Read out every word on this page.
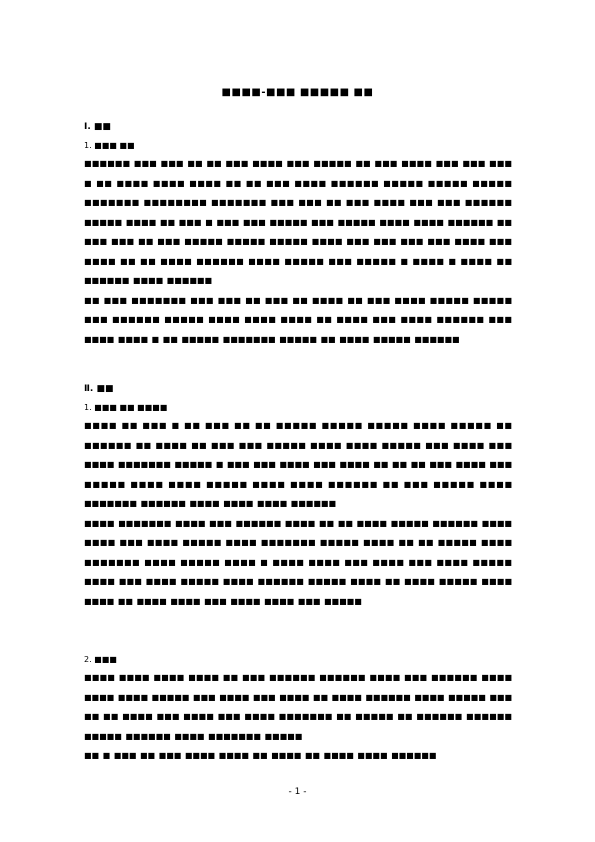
■■■■-■■■ ■■■■■ ■■
Ⅰ. ■■
1. ■■■ ■■

■■■■■■ ■■■ ■■■ ■■ ■■ ■■■ ■■■■ ■■■ ■■■■■ ■■ ■■■ ■■■■ ■■■ ■■■ ■■■ ■ ■■ ■■■■ ■■■■ ■■■■ ■■ ■■ ■■■ ■■■■ ■■■■■■ ■■■■■ ■■■■■ ■■■■■ ■■■■■■■ ■■■■■■■■ ■■■■■■■ ■■■ ■■■ ■■ ■■■ ■■■■ ■■■ ■■■ ■■■■■■ ■■■■■ ■■■■ ■■ ■■■ ■ ■■■ ■■■ ■■■■■ ■■■ ■■■■■ ■■■■ ■■■■ ■■■■■■ ■■ ■■■ ■■■ ■■ ■■■ ■■■■■ ■■■■■ ■■■■■ ■■■■ ■■■ ■■■ ■■■ ■■■ ■■■■ ■■■ ■■■■ ■■ ■■ ■■■■ ■■■■■■ ■■■■ ■■■■■ ■■■ ■■■■■ ■ ■■■■ ■ ■■■■ ■■ ■■■■■■ ■■■■ ■■■■■■

■■ ■■■ ■■■■■■■ ■■■ ■■■ ■■ ■■■ ■■ ■■■■ ■■ ■■■ ■■■■ ■■■■■ ■■■■■ ■■■ ■■■■■■ ■■■■■ ■■■■ ■■■■ ■■■■ ■■ ■■■■ ■■■ ■■■■ ■■■■■■ ■■■ ■■■■ ■■■■ ■ ■■ ■■■■■ ■■■■■■■ ■■■■■ ■■ ■■■■ ■■■■■ ■■■■■■

Ⅱ. ■■
1. ■■■ ■■ ■■■■

■■■■ ■■ ■■■ ■ ■■ ■■■ ■■ ■■ ■■■■■ ■■■■■ ■■■■■ ■■■■ ■■■■■ ■■ ■■■■■■ ■■ ■■■■ ■■ ■■■ ■■■ ■■■■■ ■■■■ ■■■■ ■■■■■ ■■■ ■■■■ ■■■ ■■■■ ■■■■■■■ ■■■■■ ■ ■■■ ■■■ ■■■■ ■■■ ■■■■ ■■ ■■ ■■ ■■■ ■■■■ ■■■ ■■■■■ ■■■■ ■■■■ ■■■■■ ■■■■ ■■■■ ■■■■■■ ■■ ■■■ ■■■■■ ■■■■ ■■■■■■■ ■■■■■■ ■■■■ ■■■■ ■■■■ ■■■■■■

■■■■ ■■■■■■■ ■■■■ ■■■ ■■■■■■ ■■■■ ■■ ■■ ■■■■ ■■■■■ ■■■■■■ ■■■■ ■■■■ ■■■ ■■■■ ■■■■■ ■■■■ ■■■■■■■ ■■■■■ ■■■■ ■■ ■■ ■■■■■ ■■■■ ■■■■■■■ ■■■■ ■■■■■ ■■■■ ■ ■■■■ ■■■■ ■■■ ■■■■ ■■■ ■■■■ ■■■■■ ■■■■ ■■■ ■■■■ ■■■■■ ■■■■ ■■■■■■ ■■■■■ ■■■■ ■■ ■■■■ ■■■■■ ■■■■ ■■■■ ■■ ■■■■ ■■■■ ■■■ ■■■■ ■■■■ ■■■ ■■■■■

2. ■■■

■■■■ ■■■■ ■■■■ ■■■■ ■■ ■■■ ■■■■■■ ■■■■■■ ■■■■ ■■■ ■■■■■■ ■■■■ ■■■■ ■■■■ ■■■■■ ■■■ ■■■■ ■■■ ■■■■ ■■ ■■■■ ■■■■■■ ■■■■ ■■■■■ ■■■ ■■ ■■ ■■■■ ■■■ ■■■■ ■■■ ■■■■ ■■■■■■■ ■■ ■■■■■ ■■ ■■■■■■ ■■■■■■ ■■■■■ ■■■■■■ ■■■■ ■■■■■■■ ■■■■■

■■ ■ ■■■ ■■ ■■■ ■■■■ ■■■■ ■■ ■■■■ ■■ ■■■■ ■■■■ ■■■■■■

- 1 -
